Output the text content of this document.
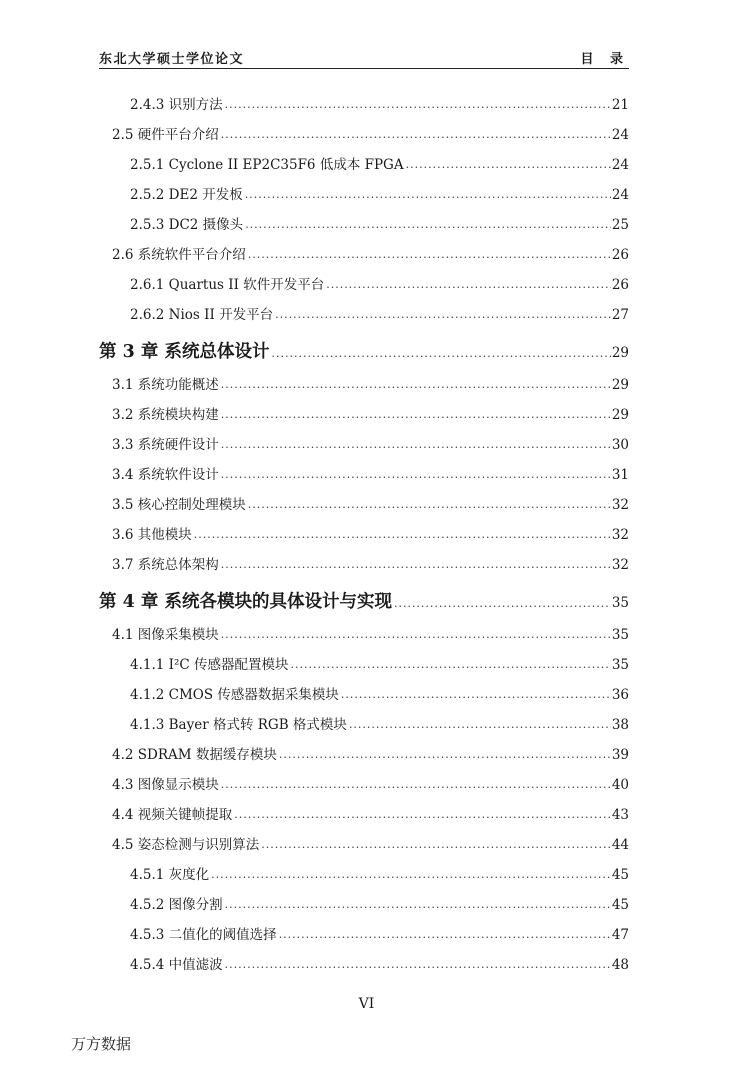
东北大学硕士学位论文	目 录
2.4.3 识别方法 .....	21
2.5 硬件平台介绍 .....	24
2.5.1 Cyclone II EP2C35F6 低成本 FPGA .....	24
2.5.2 DE2 开发板 .....	24
2.5.3 DC2 摄像头 .....	25
2.6 系统软件平台介绍 .....	26
2.6.1 Quartus II 软件开发平台 .....	26
2.6.2 Nios II 开发平台 .....	27
第 3 章 系统总体设计 .....	29
3.1 系统功能概述 .....	29
3.2 系统模块构建 .....	29
3.3 系统硬件设计 .....	30
3.4 系统软件设计 .....	31
3.5 核心控制处理模块 .....	32
3.6 其他模块 .....	32
3.7 系统总体架构 .....	32
第 4 章 系统各模块的具体设计与实现 .....	35
4.1 图像采集模块 .....	35
4.1.1 I²C 传感器配置模块 .....	35
4.1.2 CMOS 传感器数据采集模块 .....	36
4.1.3 Bayer 格式转 RGB 格式模块 .....	38
4.2 SDRAM 数据缓存模块 .....	39
4.3 图像显示模块 .....	40
4.4 视频关键帧提取 .....	43
4.5 姿态检测与识别算法 .....	44
4.5.1 灰度化 .....	45
4.5.2 图像分割 .....	45
4.5.3 二值化的阈值选择 .....	47
4.5.4 中值滤波 .....	48
VI
万方数据
